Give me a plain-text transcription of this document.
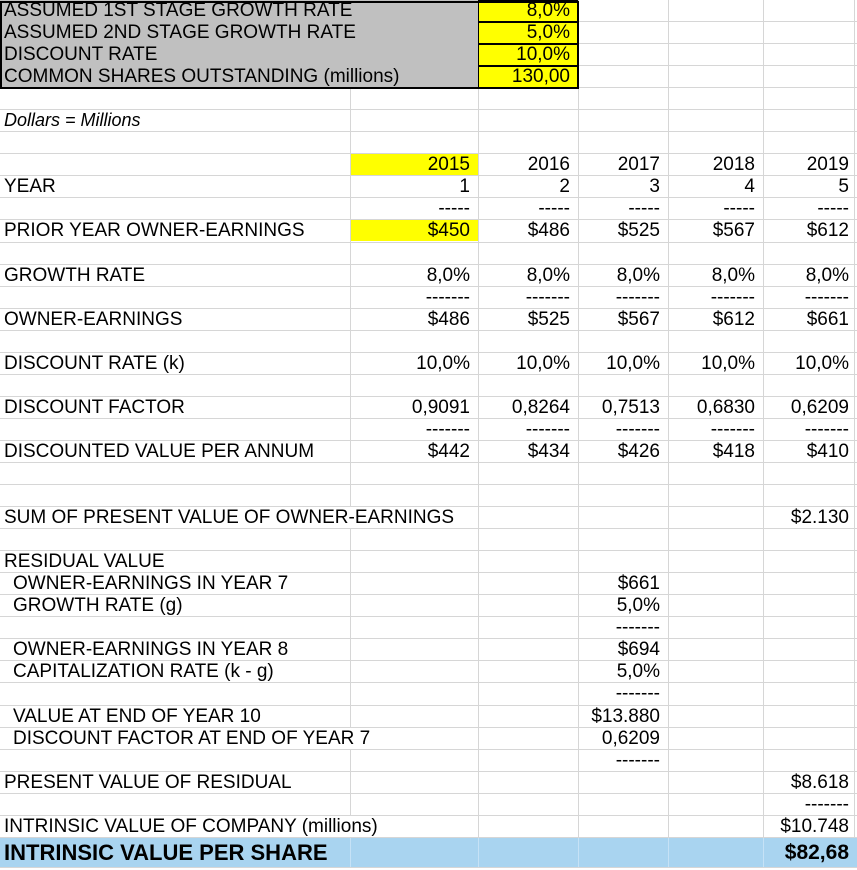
ASSUMED 1ST STAGE GROWTH RATE	8,0%
ASSUMED 2ND STAGE GROWTH RATE	5,0%
DISCOUNT RATE	10,0%
COMMON SHARES OUTSTANDING (millions)	130,00
Dollars = Millions
2015	2016	2017	2018	2019
YEAR	1	2	3	4	5
-----	-----	-----	-----	-----
PRIOR YEAR OWNER-EARNINGS	$450	$486	$525	$567	$612
GROWTH RATE	8,0%	8,0%	8,0%	8,0%	8,0%
-------	-------	-------	-------	-------
OWNER-EARNINGS	$486	$525	$567	$612	$661
DISCOUNT RATE (k)	10,0%	10,0%	10,0%	10,0%	10,0%
DISCOUNT FACTOR	0,9091	0,8264	0,7513	0,6830	0,6209
-------	-------	-------	-------	-------
DISCOUNTED VALUE PER ANNUM	$442	$434	$426	$418	$410
SUM OF PRESENT VALUE OF OWNER-EARNINGS	$2.130
RESIDUAL VALUE
OWNER-EARNINGS IN YEAR 7	$661
GROWTH RATE (g)	5,0%
-------
OWNER-EARNINGS IN YEAR 8	$694
CAPITALIZATION RATE (k - g)	5,0%
-------
VALUE AT END OF YEAR 10	$13.880
DISCOUNT FACTOR AT END OF YEAR 7	0,6209
-------
PRESENT VALUE OF RESIDUAL	$8.618
-------
INTRINSIC VALUE OF COMPANY (millions)	$10.748
INTRINSIC VALUE PER SHARE	$82,68
